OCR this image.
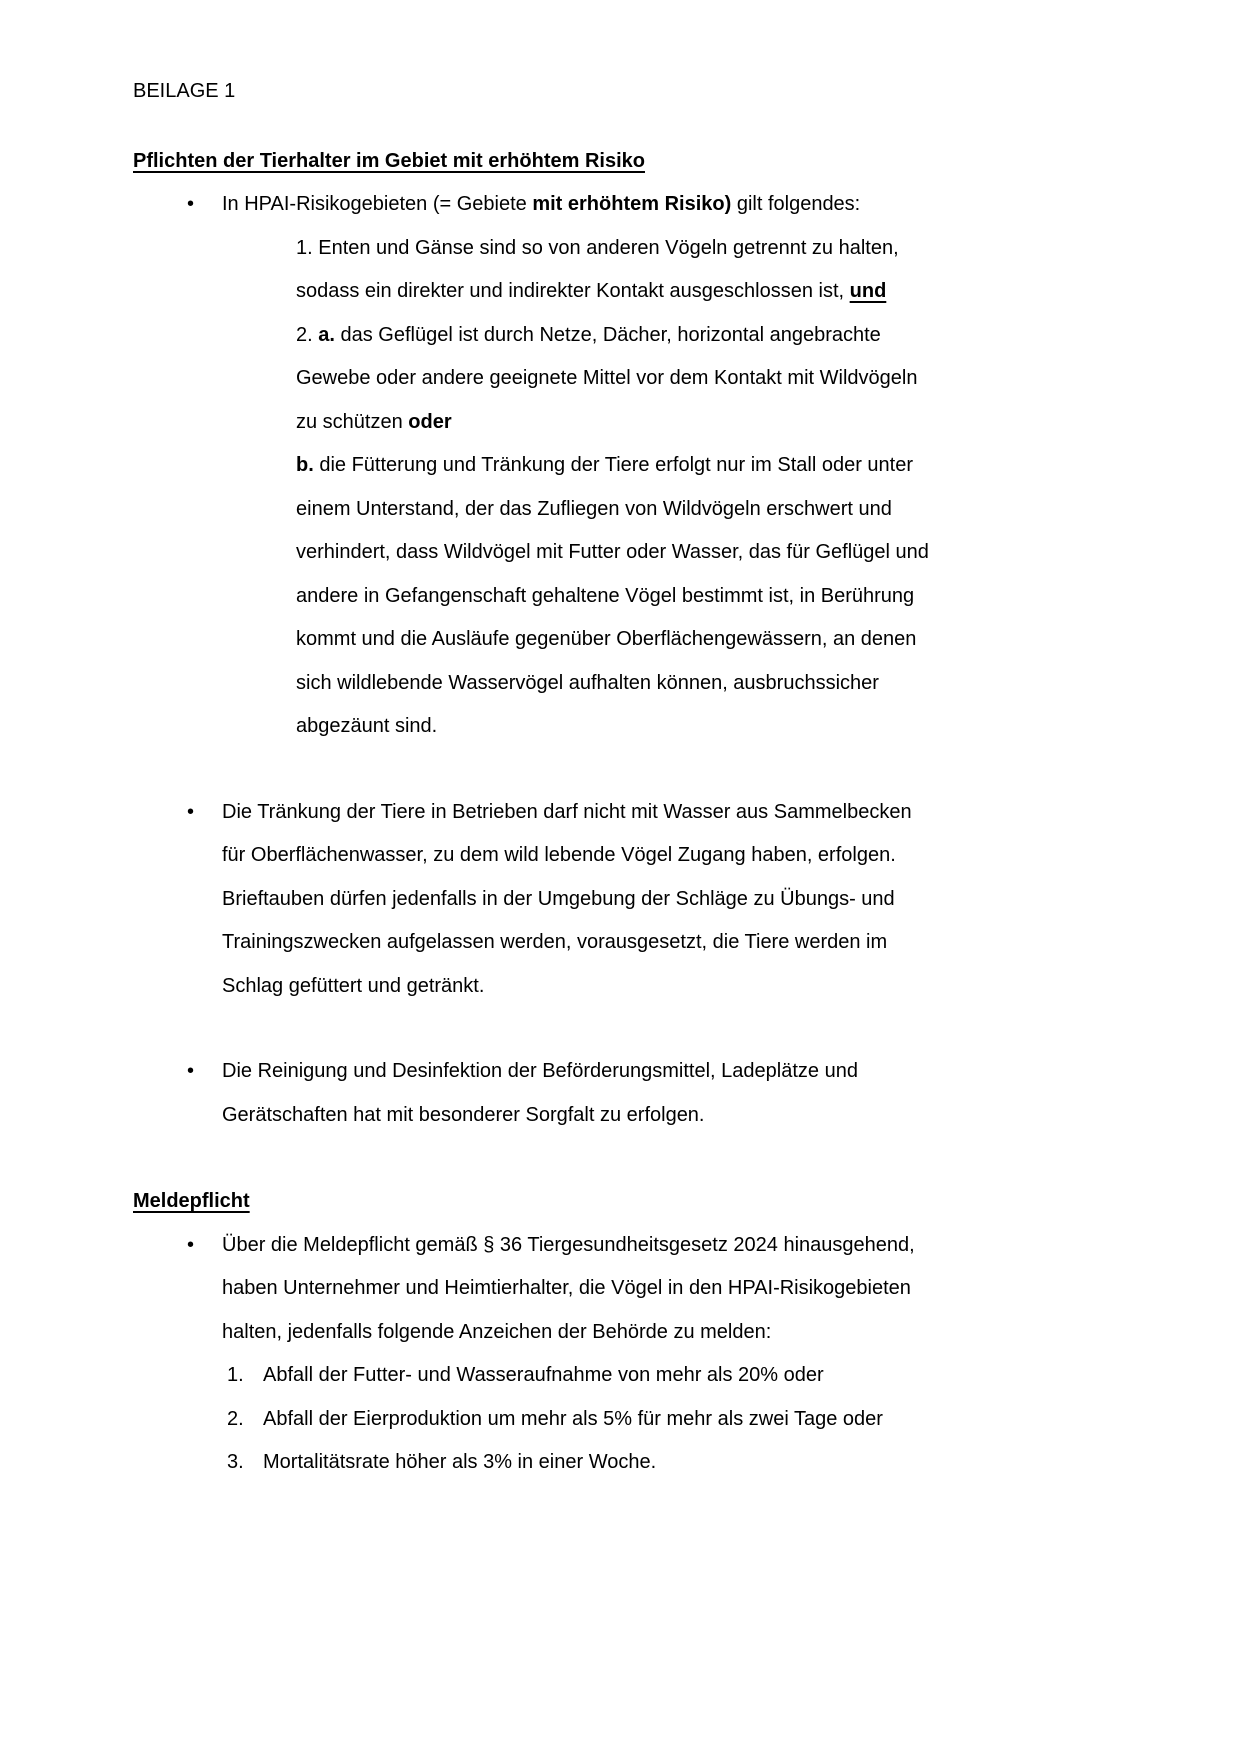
BEILAGE 1
Pflichten der Tierhalter im Gebiet mit erhöhtem Risiko
•	In HPAI-Risikogebieten (= Gebiete mit erhöhtem Risiko) gilt folgendes:
1. Enten und Gänse sind so von anderen Vögeln getrennt zu halten,
sodass ein direkter und indirekter Kontakt ausgeschlossen ist, und
2. a. das Geflügel ist durch Netze, Dächer, horizontal angebrachte
Gewebe oder andere geeignete Mittel vor dem Kontakt mit Wildvögeln
zu schützen oder
b. die Fütterung und Tränkung der Tiere erfolgt nur im Stall oder unter
einem Unterstand, der das Zufliegen von Wildvögeln erschwert und
verhindert, dass Wildvögel mit Futter oder Wasser, das für Geflügel und
andere in Gefangenschaft gehaltene Vögel bestimmt ist, in Berührung
kommt und die Ausläufe gegenüber Oberflächengewässern, an denen
sich wildlebende Wasservögel aufhalten können, ausbruchssicher
abgezäunt sind.
•	Die Tränkung der Tiere in Betrieben darf nicht mit Wasser aus Sammelbecken
für Oberflächenwasser, zu dem wild lebende Vögel Zugang haben, erfolgen.
Brieftauben dürfen jedenfalls in der Umgebung der Schläge zu Übungs- und
Trainingszwecken aufgelassen werden, vorausgesetzt, die Tiere werden im
Schlag gefüttert und getränkt.
•	Die Reinigung und Desinfektion der Beförderungsmittel, Ladeplätze und
Gerätschaften hat mit besonderer Sorgfalt zu erfolgen.
Meldepflicht
•	Über die Meldepflicht gemäß § 36 Tiergesundheitsgesetz 2024 hinausgehend,
haben Unternehmer und Heimtierhalter, die Vögel in den HPAI-Risikogebieten
halten, jedenfalls folgende Anzeichen der Behörde zu melden:
1. Abfall der Futter- und Wasseraufnahme von mehr als 20% oder
2. Abfall der Eierproduktion um mehr als 5% für mehr als zwei Tage oder
3. Mortalitätsrate höher als 3% in einer Woche.
